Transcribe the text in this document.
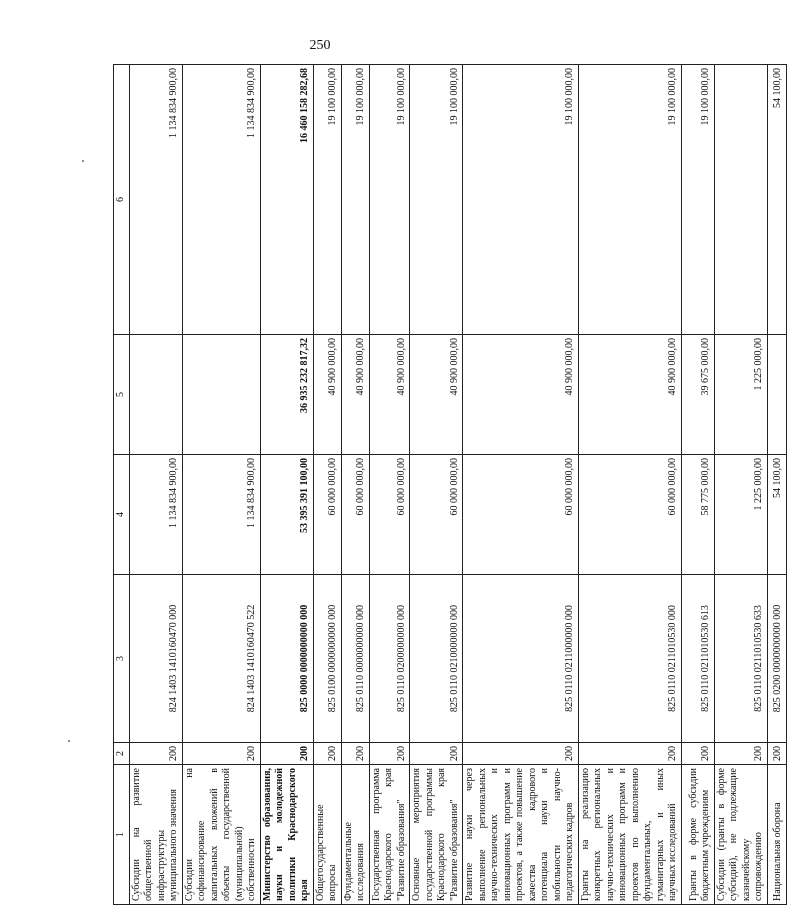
250
1	2	3	4	5	6
Субсидии на развитие общественной инфраструктуры муниципального значения	200	824 1403 1410160470 000	1 134 834 900,00		1 134 834 900,00
Субсидии на софинансирование капитальных вложений в объекты государственной (муниципальной) собственности	200	824 1403 1410160470 522	1 134 834 900,00		1 134 834 900,00
Министерство образования, науки и молодежной политики Краснодарского края	200	825 0000 0000000000 000	53 395 391 100,00	36 935 232 817,32	16 460 158 282,68
Общегосударственные вопросы	200	825 0100 0000000000 000	60 000 000,00	40 900 000,00	19 100 000,00
Фундаментальные исследования	200	825 0110 0000000000 000	60 000 000,00	40 900 000,00	19 100 000,00
Государственная программа Краснодарского края "Развитие образования"	200	825 0110 0200000000 000	60 000 000,00	40 900 000,00	19 100 000,00
Основные мероприятия государственной программы Краснодарского края "Развитие образования"	200	825 0110 0210000000 000	60 000 000,00	40 900 000,00	19 100 000,00
Развитие науки через выполнение региональных научно-технических и инновационных программ и проектов, а также повышение качества кадрового потенциала науки и мобильности научно-педагогических кадров	200	825 0110 0211000000 000	60 000 000,00	40 900 000,00	19 100 000,00
Гранты на реализацию конкретных региональных научно-технических и инновационных программ и проектов по выполнению фундаментальных, гуманитарных и иных научных исследований	200	825 0110 0211010530 000	60 000 000,00	40 900 000,00	19 100 000,00
Гранты в форме субсидии бюджетным учреждениям	200	825 0110 0211010530 613	58 775 000,00	39 675 000,00	19 100 000,00
Субсидии (гранты в форме субсидий), не подлежащие казначейскому сопровождению	200	825 0110 0211010530 633	1 225 000,00	1 225 000,00	
Национальная оборона	200	825 0200 0000000000 000	54 100,00		54 100,00
